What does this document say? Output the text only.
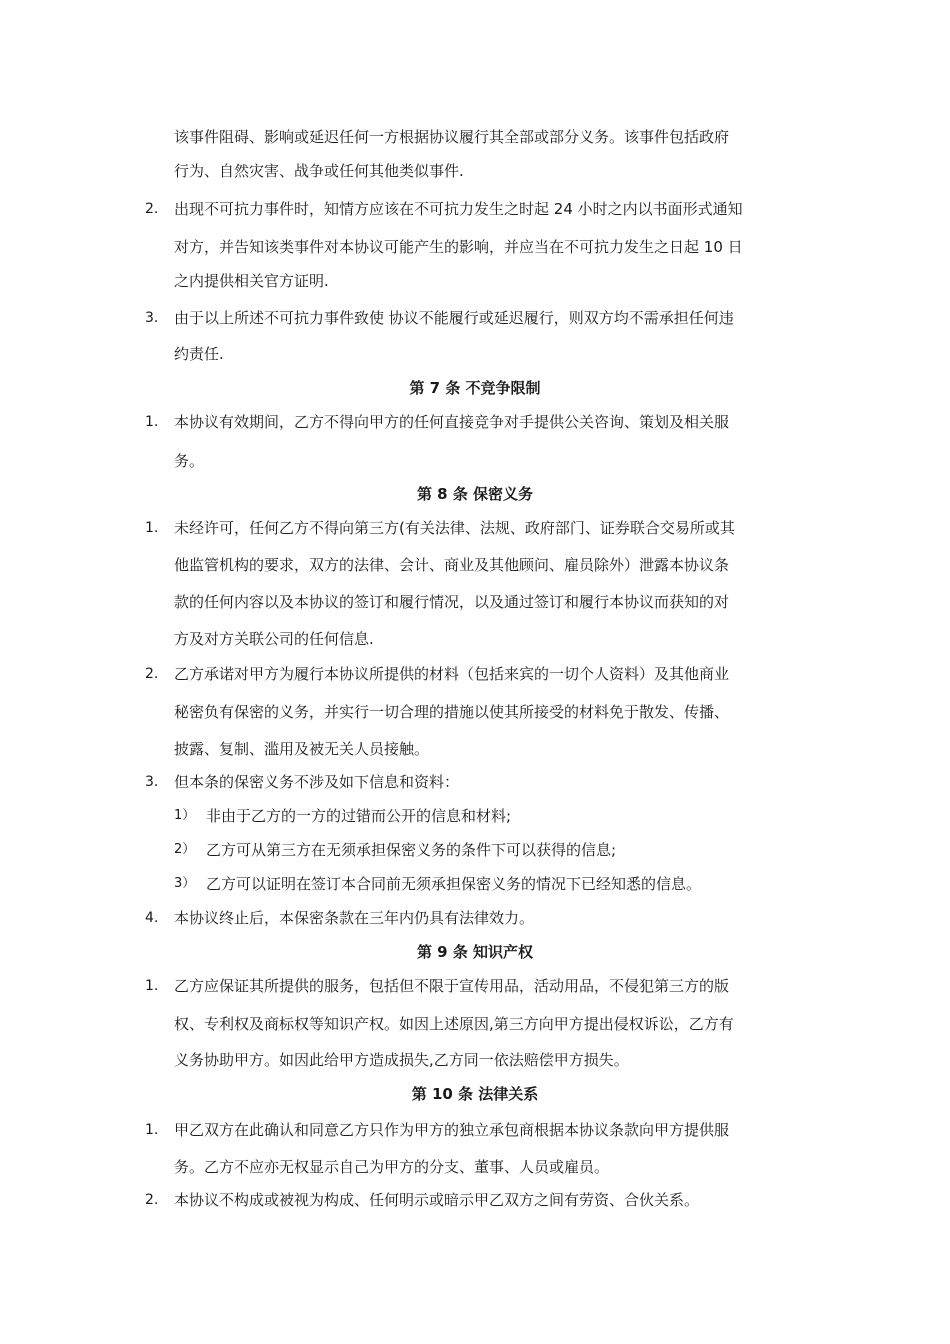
该事件阻碍、影响或延迟任何一方根据协议履行其全部或部分义务。该事件包括政府
行为、自然灾害、战争或任何其他类似事件.
2. 出现不可抗力事件时，知情方应该在不可抗力发生之时起 24 小时之内以书面形式通知
对方，并告知该类事件对本协议可能产生的影响，并应当在不可抗力发生之日起 10 日
之内提供相关官方证明.
3. 由于以上所述不可抗力事件致使 协议不能履行或延迟履行，则双方均不需承担任何违
约责任.
第 7 条 不竞争限制
1. 本协议有效期间，乙方不得向甲方的任何直接竞争对手提供公关咨询、策划及相关服
务。
第 8 条 保密义务
1. 未经许可，任何乙方不得向第三方(有关法律、法规、政府部门、证券联合交易所或其
他监管机构的要求，双方的法律、会计、商业及其他顾问、雇员除外）泄露本协议条
款的任何内容以及本协议的签订和履行情况，以及通过签订和履行本协议而获知的对
方及对方关联公司的任何信息.
2. 乙方承诺对甲方为履行本协议所提供的材料（包括来宾的一切个人资料）及其他商业
秘密负有保密的义务，并实行一切合理的措施以使其所接受的材料免于散发、传播、
披露、复制、滥用及被无关人员接触。
3. 但本条的保密义务不涉及如下信息和资料：
1） 非由于乙方的一方的过错而公开的信息和材料;
2） 乙方可从第三方在无须承担保密义务的条件下可以获得的信息;
3） 乙方可以证明在签订本合同前无须承担保密义务的情况下已经知悉的信息。
4. 本协议终止后，本保密条款在三年内仍具有法律效力。
第 9 条 知识产权
1. 乙方应保证其所提供的服务，包括但不限于宣传用品，活动用品，不侵犯第三方的版
权、专利权及商标权等知识产权。如因上述原因,第三方向甲方提出侵权诉讼，乙方有
义务协助甲方。如因此给甲方造成损失,乙方同一依法赔偿甲方损失。
第 10 条 法律关系
1. 甲乙双方在此确认和同意乙方只作为甲方的独立承包商根据本协议条款向甲方提供服
务。乙方不应亦无权显示自己为甲方的分支、董事、人员或雇员。
2. 本协议不构成或被视为构成、任何明示或暗示甲乙双方之间有劳资、合伙关系。
